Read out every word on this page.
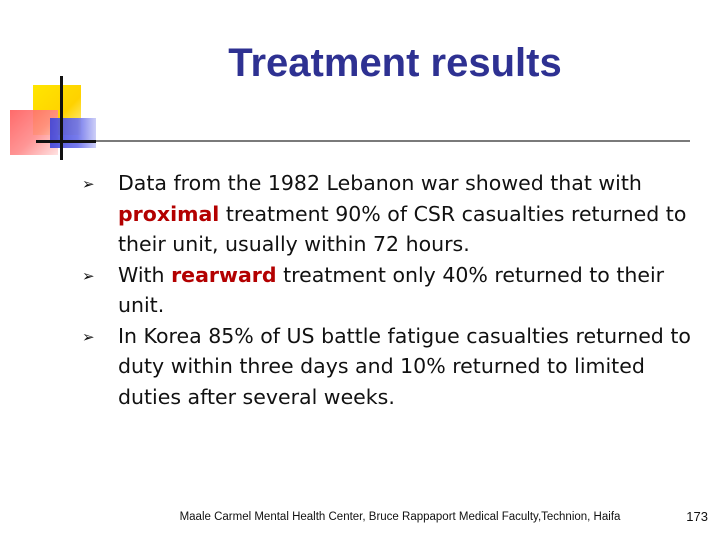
Treatment results
➢ Data from the 1982 Lebanon war showed that with proximal treatment 90% of CSR casualties returned to their unit, usually within 72 hours.
➢ With rearward treatment only 40% returned to their unit.
➢ In Korea 85% of US battle fatigue casualties returned to duty within three days and 10% returned to limited duties after several weeks.
Maale Carmel Mental Health Center, Bruce Rappaport Medical Faculty,Technion, Haifa	173
